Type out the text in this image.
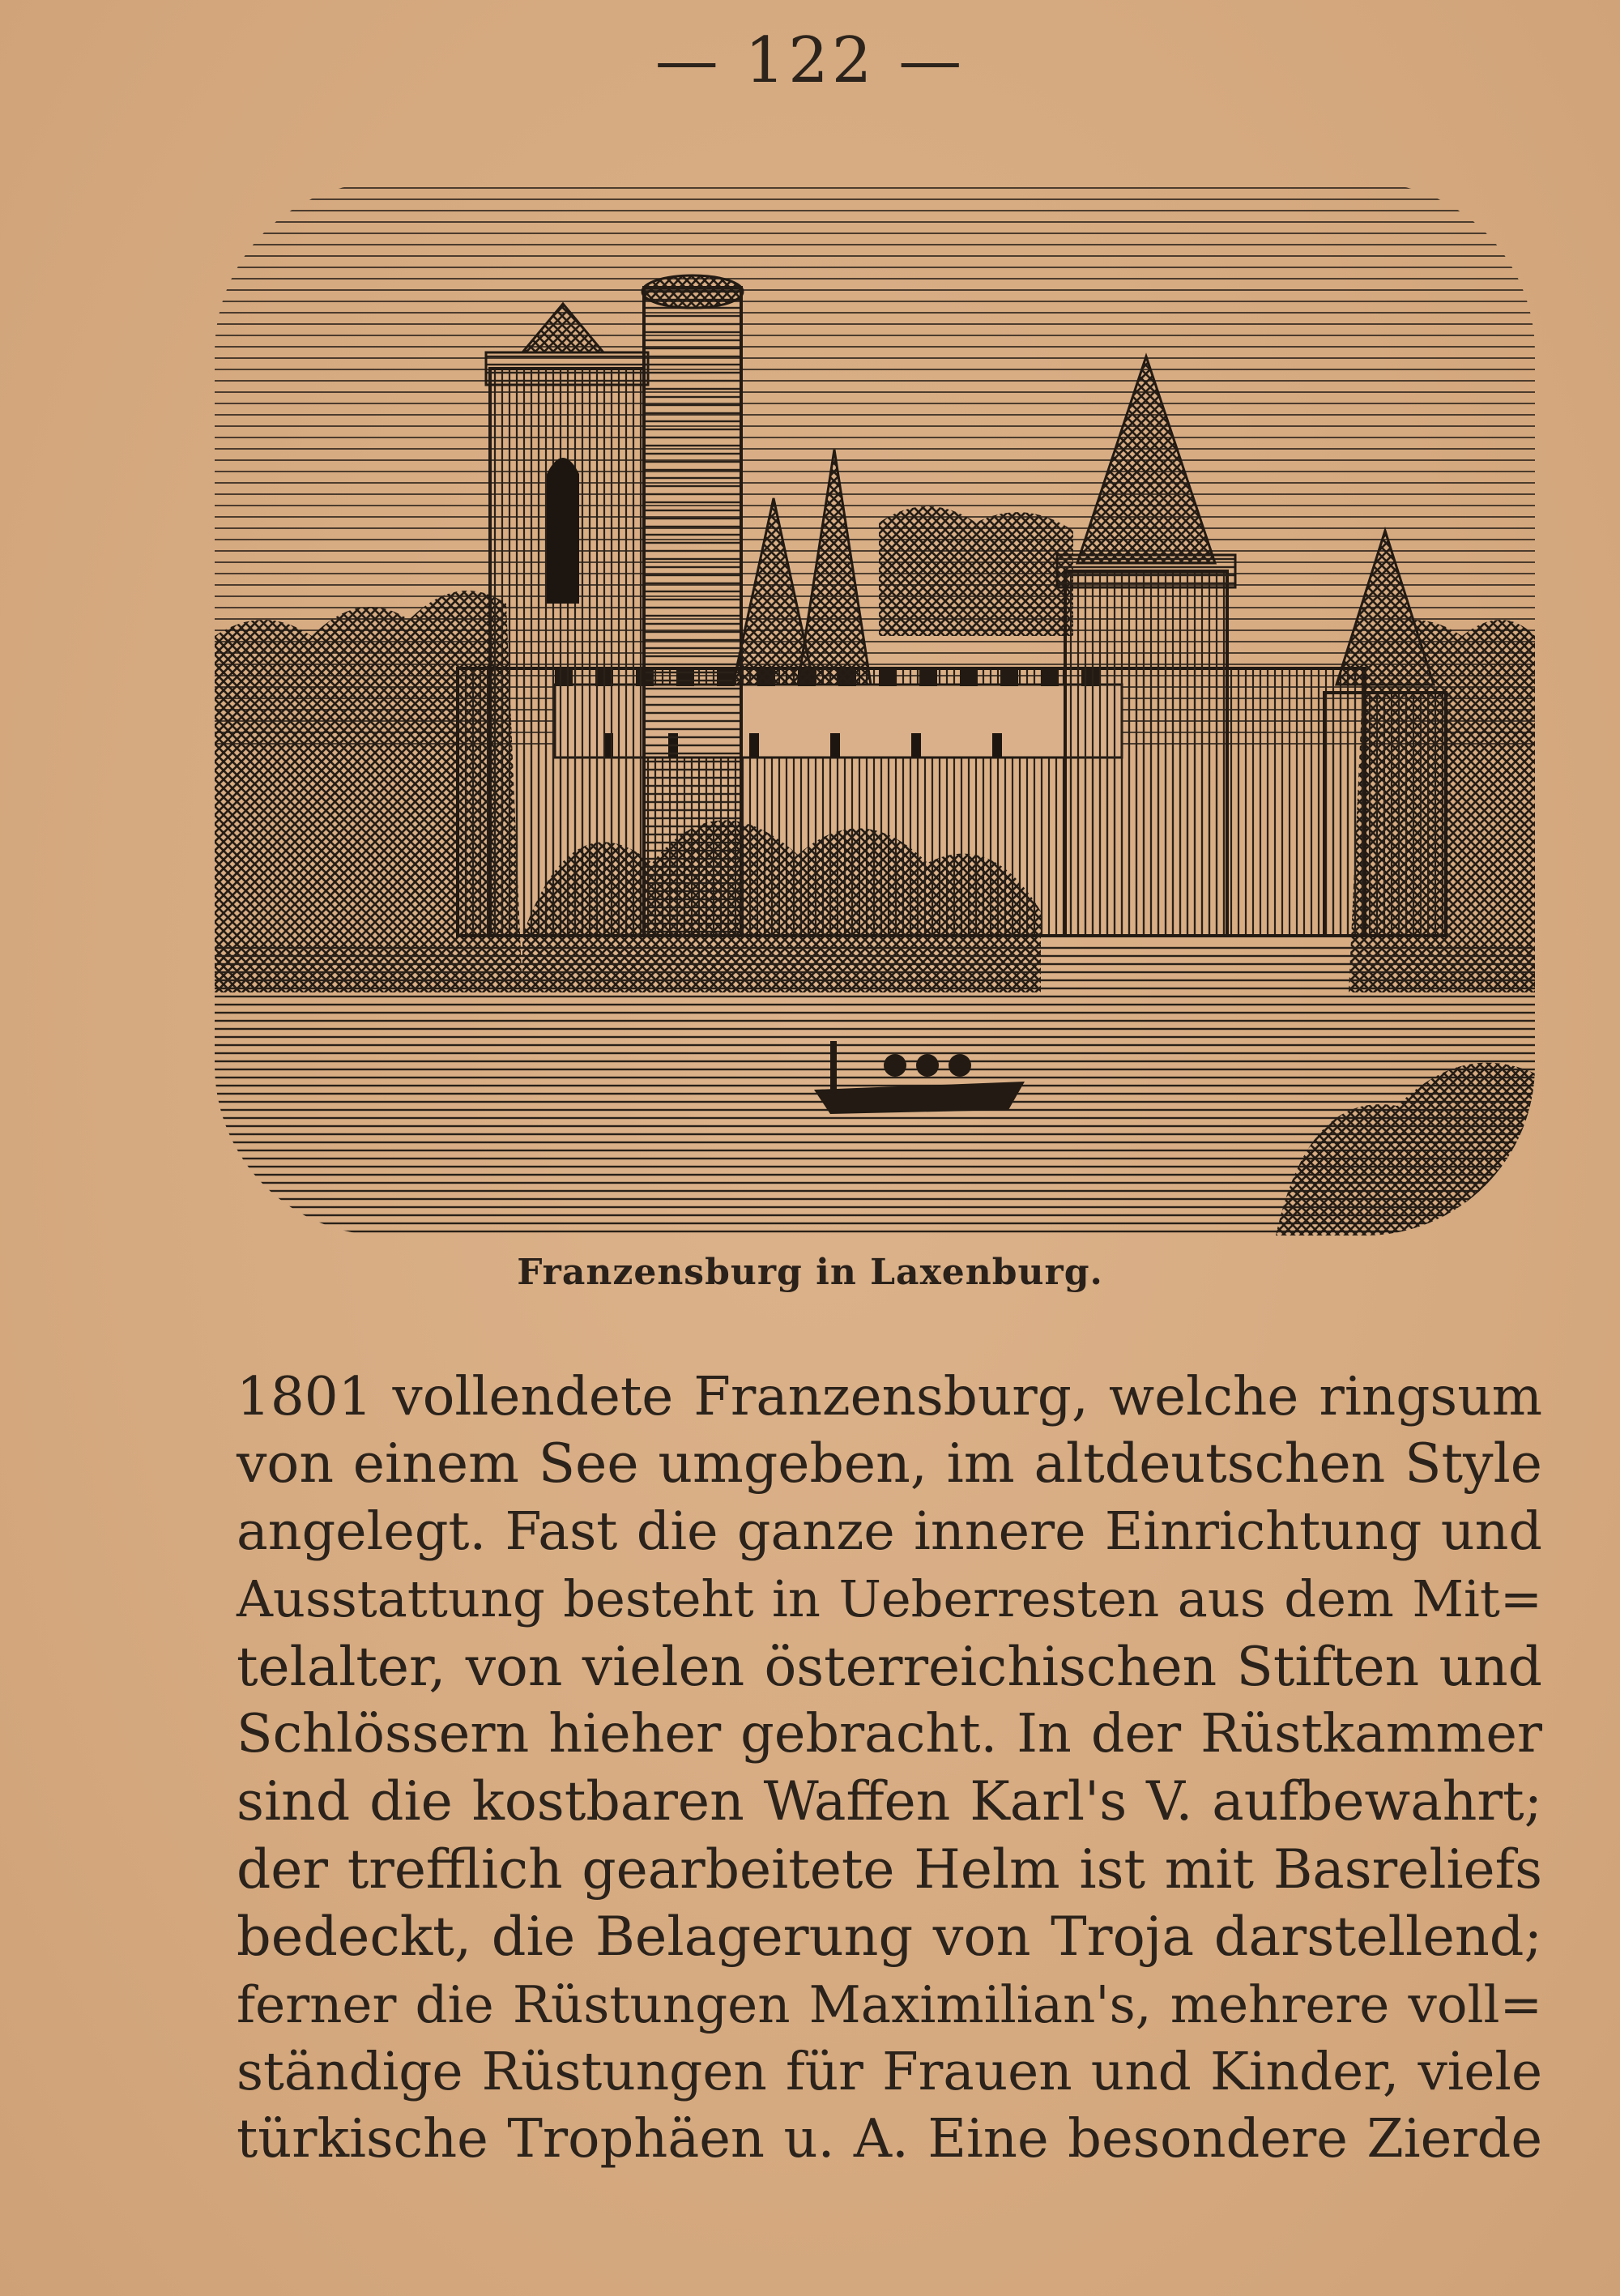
— 122 —
Franzensburg in Laxenburg.
1801 vollendete Franzensburg, welche ringsum
von einem See umgeben, im altdeutschen Style
angelegt. Fast die ganze innere Einrichtung und
Ausstattung besteht in Ueberresten aus dem Mit=
telalter, von vielen österreichischen Stiften und
Schlössern hieher gebracht. In der Rüstkammer
sind die kostbaren Waffen Karl's V. aufbewahrt;
der trefflich gearbeitete Helm ist mit Basreliefs
bedeckt, die Belagerung von Troja darstellend;
ferner die Rüstungen Maximilian's, mehrere voll=
ständige Rüstungen für Frauen und Kinder, viele
türkische Trophäen u. A. Eine besondere Zierde
